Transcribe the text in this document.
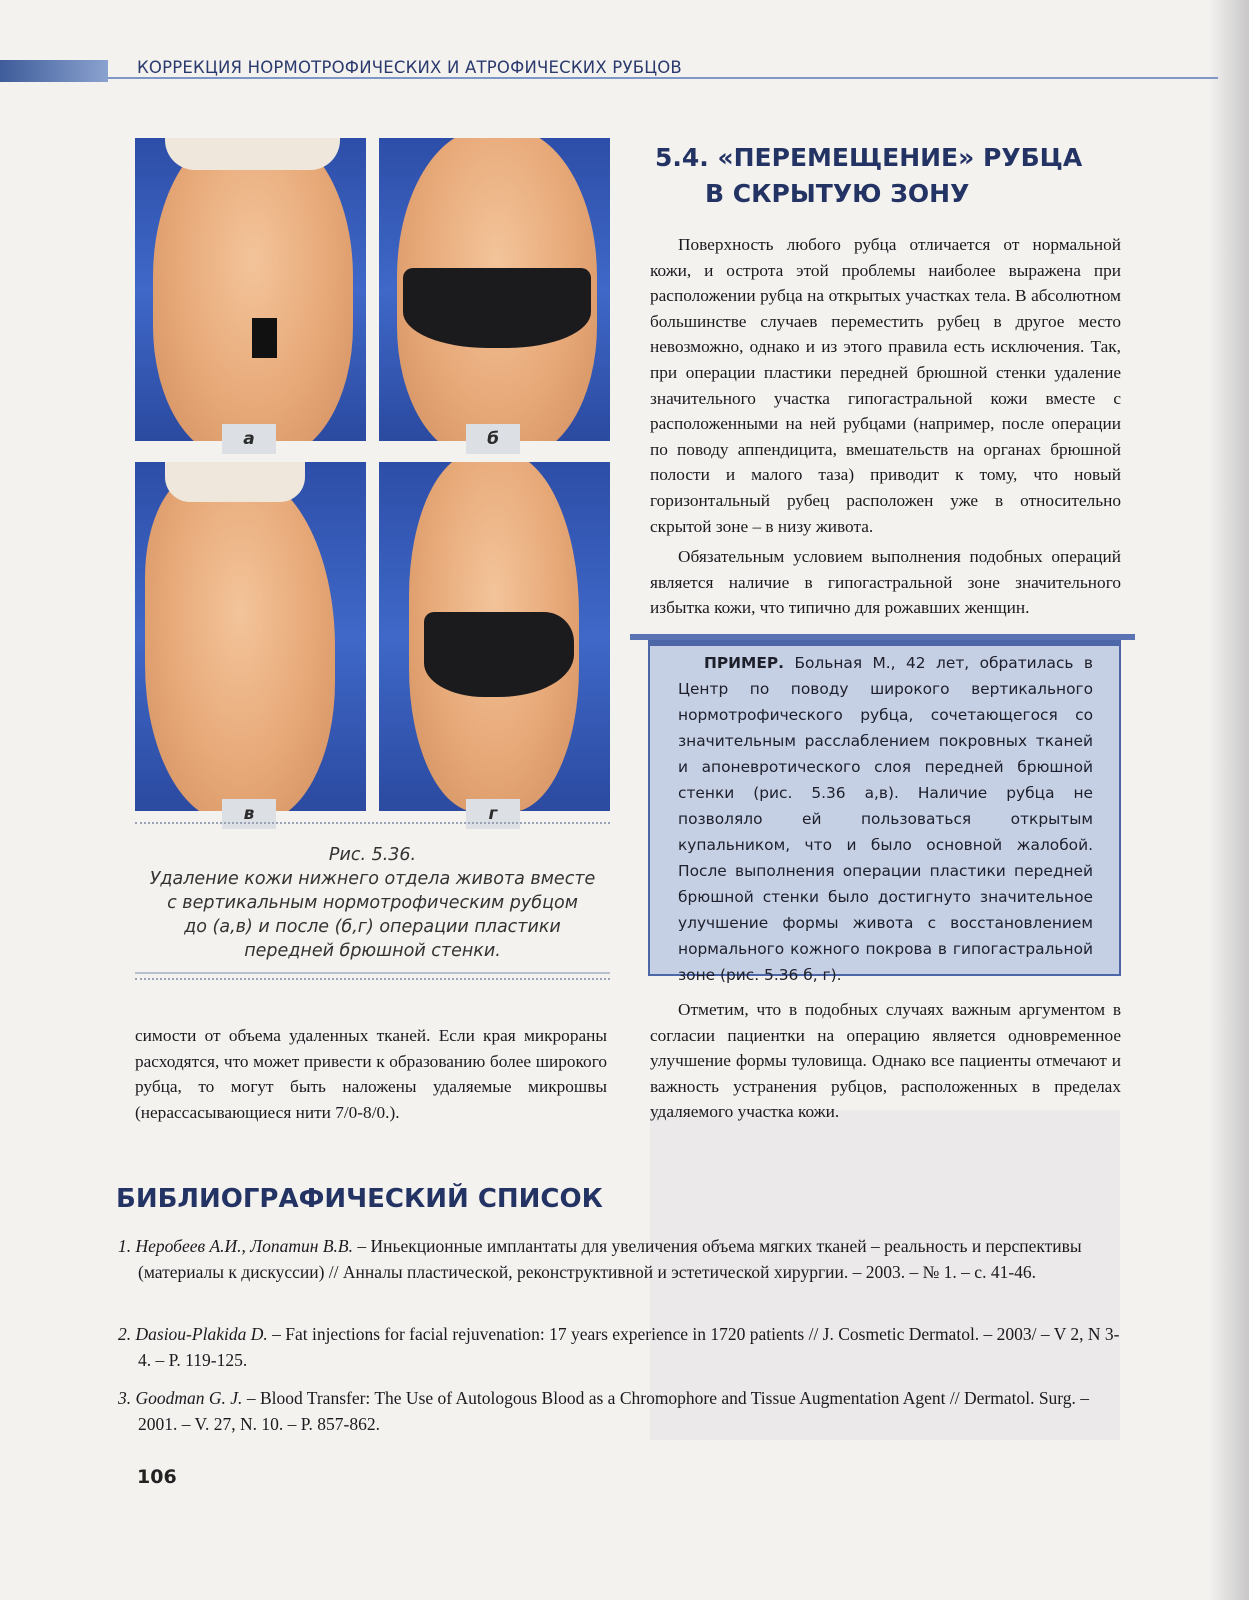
КОРРЕКЦИЯ НОРМОТРОФИЧЕСКИХ И АТРОФИЧЕСКИХ РУБЦОВ
а	б
в	г
Рис. 5.36.
Удаление кожи нижнего отдела живота вместе
с вертикальным нормотрофическим рубцом
до (а,в) и после (б,г) операции пластики
передней брюшной стенки.
5.4. «ПЕРЕМЕЩЕНИЕ» РУБЦА
В СКРЫТУЮ ЗОНУ
Поверхность любого рубца отличается от нормальной кожи, и острота этой проблемы наиболее выражена при расположении рубца на открытых участках тела. В абсолютном большинстве случаев переместить рубец в другое место невозможно, однако и из этого правила есть исключения. Так, при операции пластики передней брюшной стенки удаление значительного участка гипогастральной кожи вместе с расположенными на ней рубцами (например, после операции по поводу аппендицита, вмешательств на органах брюшной полости и малого таза) приводит к тому, что новый горизонтальный рубец расположен уже в относительно скрытой зоне – в низу живота.
Обязательным условием выполнения подобных операций является наличие в гипогастральной зоне значительного избытка кожи, что типично для рожавших женщин.
ПРИМЕР. Больная М., 42 лет, обратилась в Центр по поводу широкого вертикального нормотрофического рубца, сочетающегося со значительным расслаблением покровных тканей и апоневротического слоя передней брюшной стенки (рис. 5.36 а,в). Наличие рубца не позволяло ей пользоваться открытым купальником, что и было основной жалобой. После выполнения операции пластики передней брюшной стенки было достигнуто значительное улучшение формы живота с восстановлением нормального кожного покрова в гипогастральной зоне (рис. 5.36 б, г).
Отметим, что в подобных случаях важным аргументом в согласии пациентки на операцию является одновременное улучшение формы туловища. Однако все пациенты отмечают и важность устранения рубцов, расположенных в пределах удаляемого участка кожи.
симости от объема удаленных тканей. Если края микрораны расходятся, что может привести к образованию более широкого рубца, то могут быть наложены удаляемые микрошвы (нерассасывающиеся нити 7/0-8/0.).
БИБЛИОГРАФИЧЕСКИЙ СПИСОК
1. Неробеев А.И., Лопатин В.В. – Иньекционные имплантаты для увеличения объема мягких тканей – реальность и перспективы (материалы к дискуссии) // Анналы пластической, реконструктивной и эстетической хирургии. – 2003. – № 1. – с. 41-46.
2. Dasiou-Plakida D. – Fat injections for facial rejuvenation: 17 years experience in 1720 patients // J. Cosmetic Dermatol. – 2003/ – V 2, N 3-4. – P. 119-125.
3. Goodman G. J. – Blood Transfer: The Use of Autologous Blood as a Chromophore and Tissue Augmentation Agent // Dermatol. Surg. – 2001. – V. 27, N. 10. – P. 857-862.
106
